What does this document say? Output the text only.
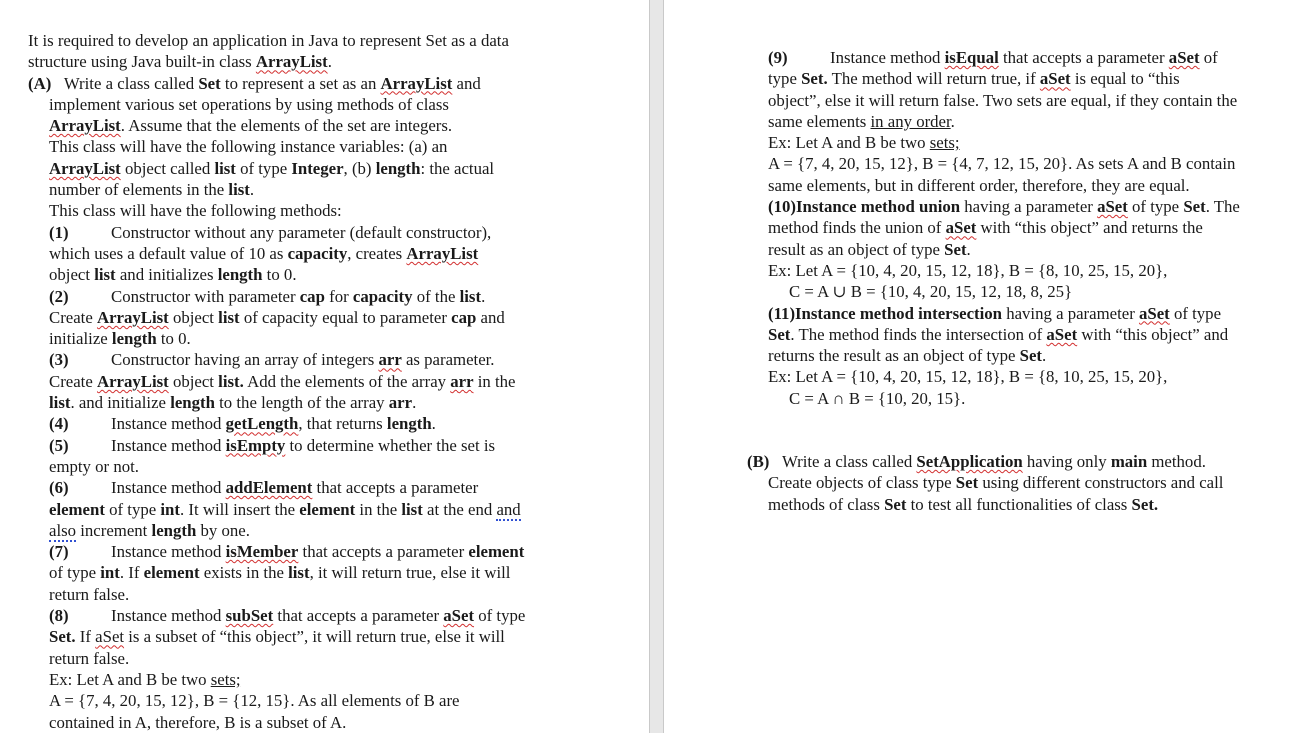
It is required to develop an application in Java to represent Set as a data
structure using Java built-in class ArrayList.
(A) Write a class called Set to represent a set as an ArrayList and
implement various set operations by using methods of class
ArrayList. Assume that the elements of the set are integers.
This class will have the following instance variables: (a) an
ArrayList object called list of type Integer, (b) length: the actual
number of elements in the list.
This class will have the following methods:
(1)	Constructor without any parameter (default constructor),
which uses a default value of 10 as capacity, creates ArrayList
object list and initializes length to 0.
(2)	Constructor with parameter cap for capacity of the list.
Create ArrayList object list of capacity equal to parameter cap and
initialize length to 0.
(3)	Constructor having an array of integers arr as parameter.
Create ArrayList object list. Add the elements of the array arr in the
list. and initialize length to the length of the array arr.
(4)	Instance method getLength, that returns length.
(5)	Instance method isEmpty to determine whether the set is
empty or not.
(6)	Instance method addElement that accepts a parameter
element of type int. It will insert the element in the list at the end and
also increment length by one.
(7)	Instance method isMember that accepts a parameter element
of type int. If element exists in the list, it will return true, else it will
return false.
(8)	Instance method subSet that accepts a parameter aSet of type
Set. If aSet is a subset of “this object”, it will return true, else it will
return false.
Ex: Let A and B be two sets;
A = {7, 4, 20, 15, 12}, B = {12, 15}. As all elements of B are
contained in A, therefore, B is a subset of A.
(9)	Instance method isEqual that accepts a parameter aSet of
type Set. The method will return true, if aSet is equal to “this
object”, else it will return false. Two sets are equal, if they contain the
same elements in any order.
Ex: Let A and B be two sets;
A = {7, 4, 20, 15, 12}, B = {4, 7, 12, 15, 20}. As sets A and B contain
same elements, but in different order, therefore, they are equal.
(10)Instance method union having a parameter aSet of type Set. The
method finds the union of aSet with “this object” and returns the
result as an object of type Set.
Ex: Let A = {10, 4, 20, 15, 12, 18}, B = {8, 10, 25, 15, 20},
C = A ∪ B = {10, 4, 20, 15, 12, 18, 8, 25}
(11)Instance method intersection having a parameter aSet of type
Set. The method finds the intersection of aSet with “this object” and
returns the result as an object of type Set.
Ex: Let A = {10, 4, 20, 15, 12, 18}, B = {8, 10, 25, 15, 20},
C = A ∩ B = {10, 20, 15}.
(B) Write a class called SetApplication having only main method.
Create objects of class type Set using different constructors and call
methods of class Set to test all functionalities of class Set.
